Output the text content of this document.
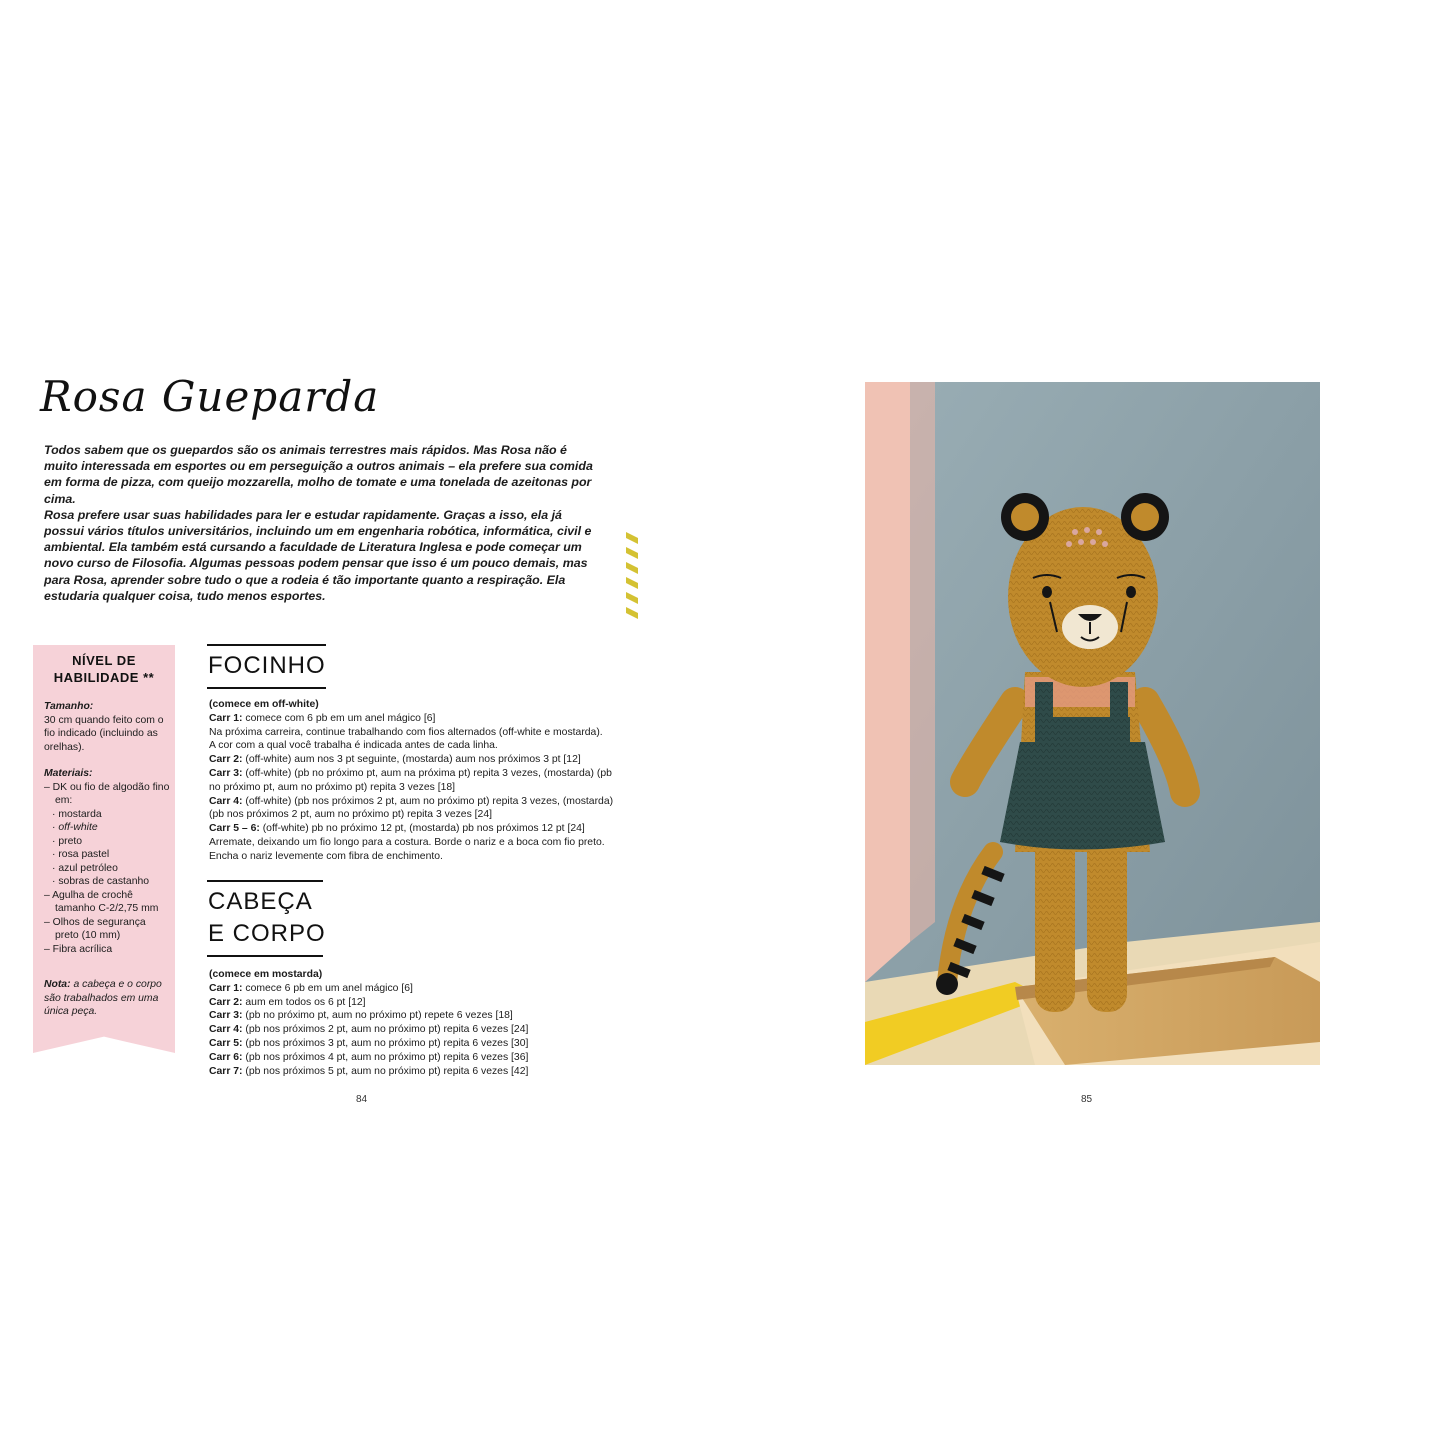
Rosa Gueparda

Todos sabem que os guepardos são os animais terrestres mais rápidos. Mas Rosa não é muito interessada em esportes ou em perseguição a outros animais – ela prefere sua comida em forma de pizza, com queijo mozzarella, molho de tomate e uma tonelada de azeitonas por cima.

Rosa prefere usar suas habilidades para ler e estudar rapidamente. Graças a isso, ela já possui vários títulos universitários, incluindo um em engenharia robótica, informática, civil e ambiental. Ela também está cursando a faculdade de Literatura Inglesa e pode começar um novo curso de Filosofia. Algumas pessoas podem pensar que isso é um pouco demais, mas para Rosa, aprender sobre tudo o que a rodeia é tão importante quanto a respiração. Ela estudaria qualquer coisa, tudo menos esportes.

NÍVEL DE
HABILIDADE **
Tamanho:
30 cm quando feito com o fio indicado (incluindo as orelhas).
Materiais:
– DK ou fio de algodão fino em:
· mostarda
· off-white
· preto
· rosa pastel
· azul petróleo
· sobras de castanho
– Agulha de crochê tamanho C-2/2,75 mm
– Olhos de segurança preto (10 mm)
– Fibra acrílica
Nota: a cabeça e o corpo são trabalhados em uma única peça.
FOCINHO
(comece em off-white)
Carr 1: comece com 6 pb em um anel mágico [6]
Na próxima carreira, continue trabalhando com fios alternados (off-white e mostarda).
A cor com a qual você trabalha é indicada antes de cada linha.
Carr 2: (off-white) aum nos 3 pt seguinte, (mostarda) aum nos próximos 3 pt [12]
Carr 3: (off-white) (pb no próximo pt, aum na próxima pt) repita 3 vezes, (mostarda) (pb
no próximo pt, aum no próximo pt) repita 3 vezes [18]
Carr 4: (off-white) (pb nos próximos 2 pt, aum no próximo pt) repita 3 vezes, (mostarda)
(pb nos próximos 2 pt, aum no próximo pt) repita 3 vezes [24]
Carr 5 – 6: (off-white) pb no próximo 12 pt, (mostarda) pb nos próximos 12 pt [24]
Arremate, deixando um fio longo para a costura. Borde o nariz e a boca com fio preto.
Encha o nariz levemente com fibra de enchimento.
CABEÇA
E CORPO
(comece em mostarda)
Carr 1: comece 6 pb em um anel mágico [6]
Carr 2: aum em todos os 6 pt [12]
Carr 3: (pb no próximo pt, aum no próximo pt) repete 6 vezes [18]
Carr 4: (pb nos próximos 2 pt, aum no próximo pt) repita 6 vezes [24]
Carr 5: (pb nos próximos 3 pt, aum no próximo pt) repita 6 vezes [30]
Carr 6: (pb nos próximos 4 pt, aum no próximo pt) repita 6 vezes [36]
Carr 7: (pb nos próximos 5 pt, aum no próximo pt) repita 6 vezes [42]
84	85
